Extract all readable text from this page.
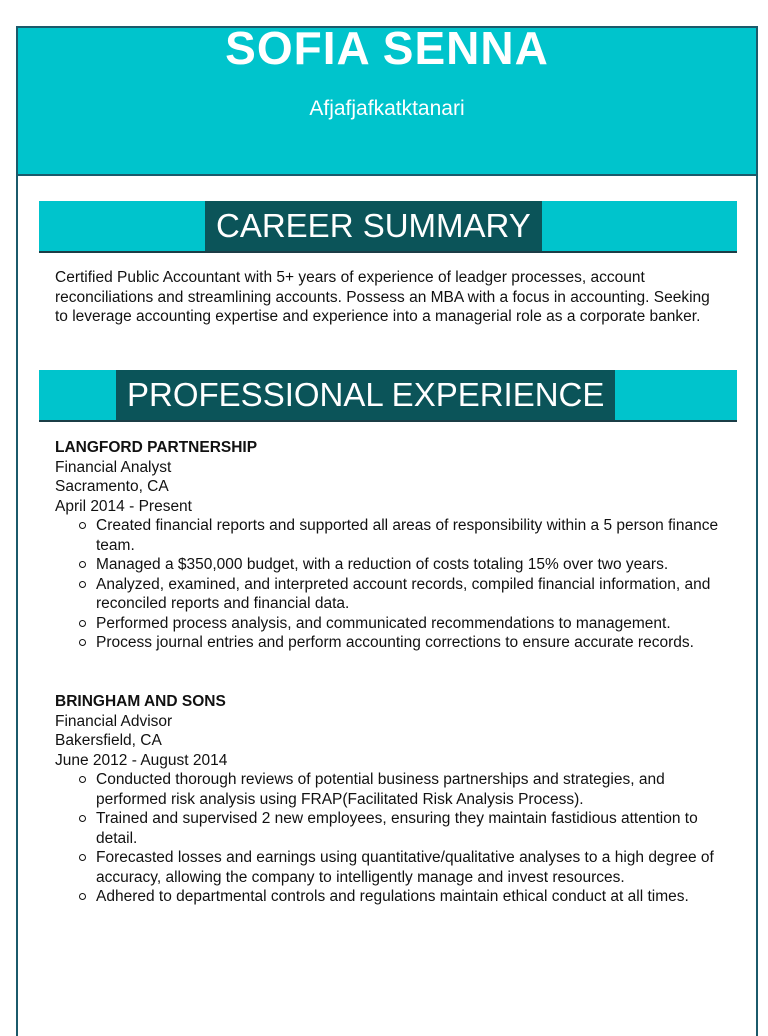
SOFIA SENNA
Afjafjafkatktanari
CAREER SUMMARY
Certified Public Accountant with 5+ years of experience of leadger processes, account reconciliations and streamlining accounts. Possess an MBA with a focus in accounting. Seeking to leverage accounting expertise and experience into a managerial role as a corporate banker.
PROFESSIONAL EXPERIENCE
LANGFORD PARTNERSHIP
Financial Analyst
Sacramento, CA
April 2014 - Present
Created financial reports and supported all areas of responsibility within a 5 person finance team.
Managed a $350,000 budget, with a reduction of costs totaling 15% over two years.
Analyzed, examined, and interpreted account records, compiled financial information, and reconciled reports and financial data.
Performed process analysis, and communicated recommendations to management.
Process journal entries and perform accounting corrections to ensure accurate records.
BRINGHAM AND SONS
Financial Advisor
Bakersfield, CA
June 2012 - August 2014
Conducted thorough reviews of potential business partnerships and strategies, and performed risk analysis using FRAP(Facilitated Risk Analysis Process).
Trained and supervised 2 new employees, ensuring they maintain fastidious attention to detail.
Forecasted losses and earnings using quantitative/qualitative analyses to a high degree of accuracy, allowing the company to intelligently manage and invest resources.
Adhered to departmental controls and regulations maintain ethical conduct at all times.
